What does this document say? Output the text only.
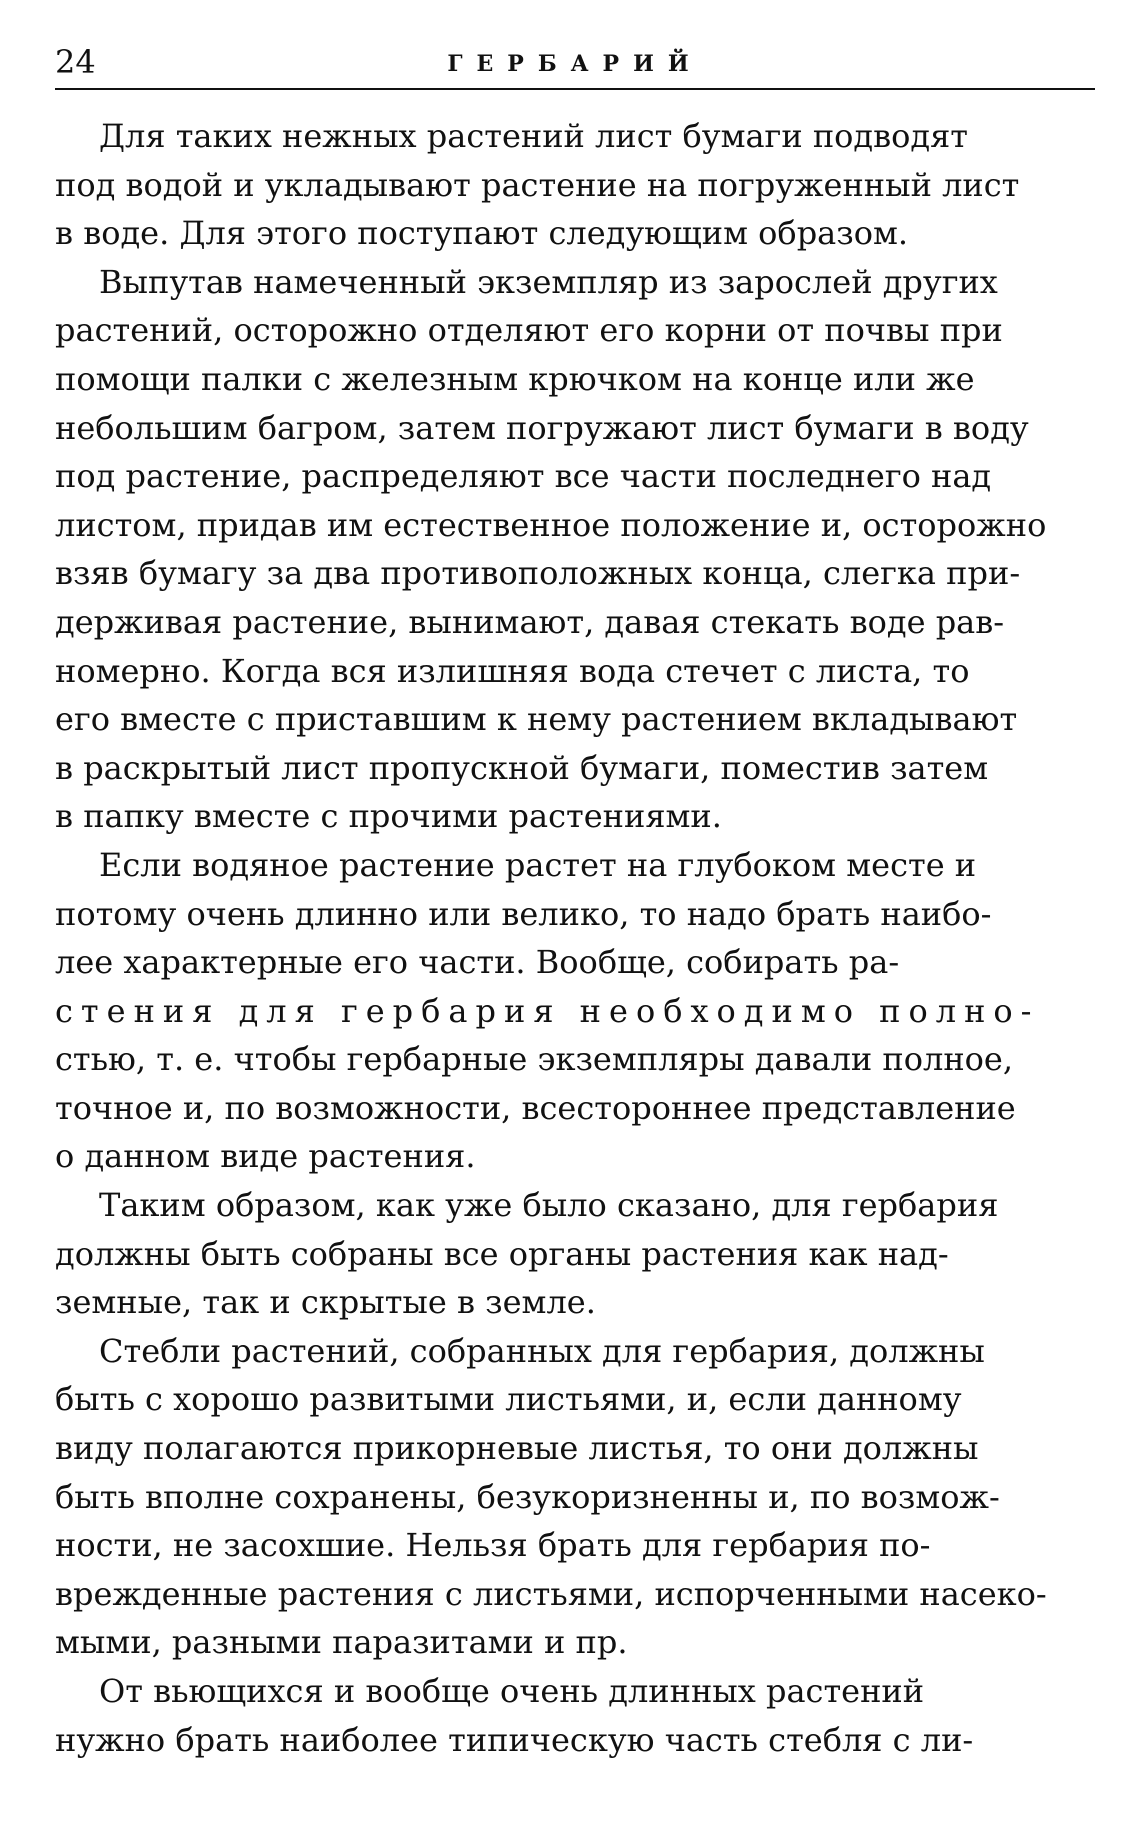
24	ГЕРБАРИЙ

Для таких нежных растений лист бумаги подводят
под водой и укладывают растение на погруженный лист
в воде. Для этого поступают следующим образом.

Выпутав намеченный экземпляр из зарослей других
растений, осторожно отделяют его корни от почвы при
помощи палки с железным крючком на конце или же
небольшим багром, затем погружают лист бумаги в воду
под растение, распределяют все части последнего над
листом, придав им естественное положение и, осторожно
взяв бумагу за два противоположных конца, слегка при-
держивая растение, вынимают, давая стекать воде рав-
номерно. Когда вся излишняя вода стечет с листа, то
его вместе с приставшим к нему растением вкладывают
в раскрытый лист пропускной бумаги, поместив затем
в папку вместе с прочими растениями.

Если водяное растение растет на глубоком месте и
потому очень длинно или велико, то надо брать наибо-
лее характерные его части. Вообще, собирать ра-
стения для гербария необходимо полно-
стью, т. е. чтобы гербарные экземпляры давали полное,
точное и, по возможности, всестороннее представление
о данном виде растения.

Таким образом, как уже было сказано, для гербария
должны быть собраны все органы растения как над-
земные, так и скрытые в земле.

Стебли растений, собранных для гербария, должны
быть с хорошо развитыми листьями, и, если данному
виду полагаются прикорневые листья, то они должны
быть вполне сохранены, безукоризненны и, по возмож-
ности, не засохшие. Нельзя брать для гербария по-
врежденные растения с листьями, испорченными насеко-
мыми, разными паразитами и пр.

От вьющихся и вообще очень длинных растений
нужно брать наиболее типическую часть стебля с ли-
